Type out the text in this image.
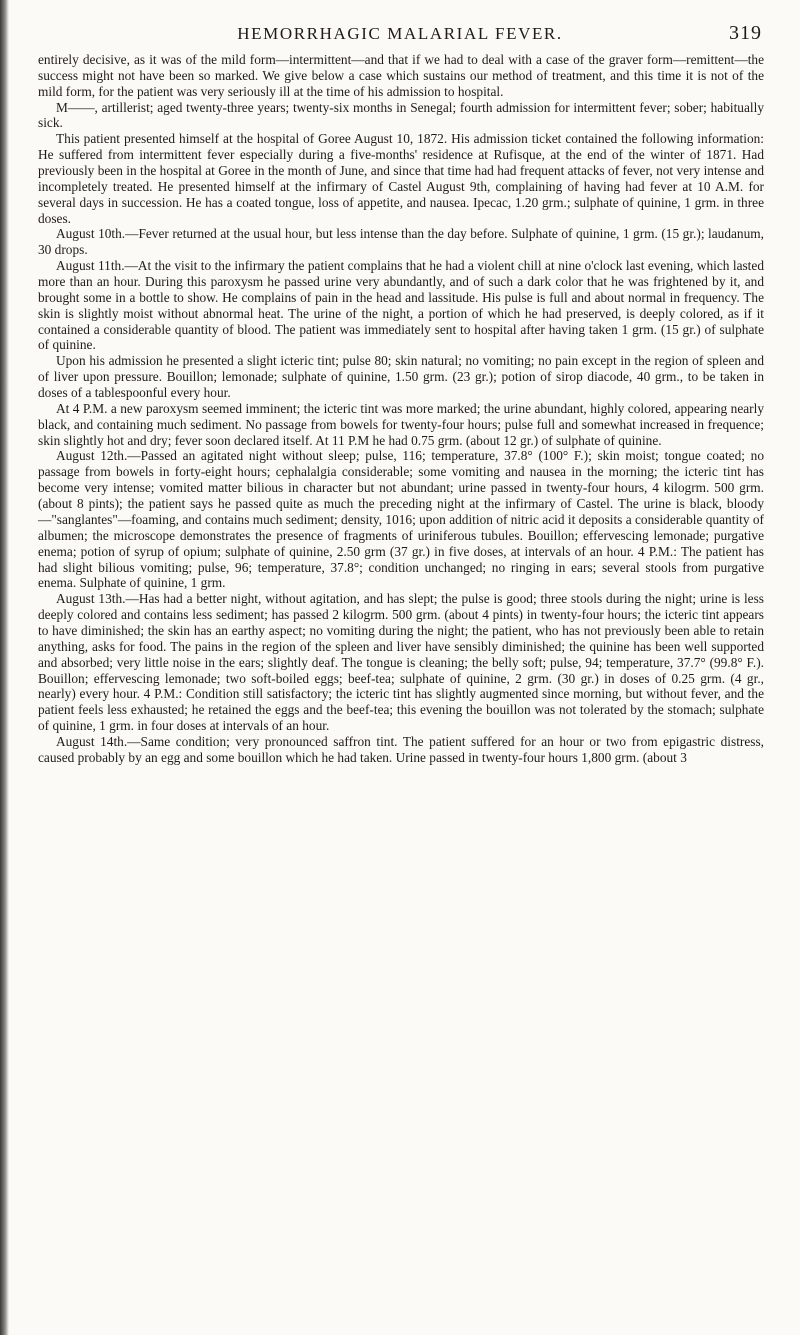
HEMORRHAGIC MALARIAL FEVER.	319

entirely decisive, as it was of the mild form—intermittent—and that if we had to deal with a case of the graver form—remittent—the success might not have been so marked. We give below a case which sustains our method of treatment, and this time it is not of the mild form, for the patient was very seriously ill at the time of his admission to hospital.

M——, artillerist; aged twenty-three years; twenty-six months in Senegal; fourth admission for intermittent fever; sober; habitually sick.

This patient presented himself at the hospital of Goree August 10, 1872. His admission ticket contained the following information: He suffered from intermittent fever especially during a five-months' residence at Rufisque, at the end of the winter of 1871. Had previously been in the hospital at Goree in the month of June, and since that time had had frequent attacks of fever, not very intense and incompletely treated. He presented himself at the infirmary of Castel August 9th, complaining of having had fever at 10 A.M. for several days in succession. He has a coated tongue, loss of appetite, and nausea. Ipecac, 1.20 grm.; sulphate of quinine, 1 grm. in three doses.

August 10th.—Fever returned at the usual hour, but less intense than the day before. Sulphate of quinine, 1 grm. (15 gr.); laudanum, 30 drops.

August 11th.—At the visit to the infirmary the patient complains that he had a violent chill at nine o'clock last evening, which lasted more than an hour. During this paroxysm he passed urine very abundantly, and of such a dark color that he was frightened by it, and brought some in a bottle to show. He complains of pain in the head and lassitude. His pulse is full and about normal in frequency. The skin is slightly moist without abnormal heat. The urine of the night, a portion of which he had preserved, is deeply colored, as if it contained a considerable quantity of blood. The patient was immediately sent to hospital after having taken 1 grm. (15 gr.) of sulphate of quinine.

Upon his admission he presented a slight icteric tint; pulse 80; skin natural; no vomiting; no pain except in the region of spleen and of liver upon pressure. Bouillon; lemonade; sulphate of quinine, 1.50 grm. (23 gr.); potion of sirop diacode, 40 grm., to be taken in doses of a tablespoonful every hour.

At 4 P.M. a new paroxysm seemed imminent; the icteric tint was more marked; the urine abundant, highly colored, appearing nearly black, and containing much sediment. No passage from bowels for twenty-four hours; pulse full and somewhat increased in frequence; skin slightly hot and dry; fever soon declared itself. At 11 P.M he had 0.75 grm. (about 12 gr.) of sulphate of quinine.

August 12th.—Passed an agitated night without sleep; pulse, 116; temperature, 37.8° (100° F.); skin moist; tongue coated; no passage from bowels in forty-eight hours; cephalalgia considerable; some vomiting and nausea in the morning; the icteric tint has become very intense; vomited matter bilious in character but not abundant; urine passed in twenty-four hours, 4 kilogrm. 500 grm. (about 8 pints); the patient says he passed quite as much the preceding night at the infirmary of Castel. The urine is black, bloody—"sanglantes"—foaming, and contains much sediment; density, 1016; upon addition of nitric acid it deposits a considerable quantity of albumen; the microscope demonstrates the presence of fragments of uriniferous tubules. Bouillon; effervescing lemonade; purgative enema; potion of syrup of opium; sulphate of quinine, 2.50 grm (37 gr.) in five doses, at intervals of an hour. 4 P.M.: The patient has had slight bilious vomiting; pulse, 96; temperature, 37.8°; condition unchanged; no ringing in ears; several stools from purgative enema. Sulphate of quinine, 1 grm.

August 13th.—Has had a better night, without agitation, and has slept; the pulse is good; three stools during the night; urine is less deeply colored and contains less sediment; has passed 2 kilogrm. 500 grm. (about 4 pints) in twenty-four hours; the icteric tint appears to have diminished; the skin has an earthy aspect; no vomiting during the night; the patient, who has not previously been able to retain anything, asks for food. The pains in the region of the spleen and liver have sensibly diminished; the quinine has been well supported and absorbed; very little noise in the ears; slightly deaf. The tongue is cleaning; the belly soft; pulse, 94; temperature, 37.7° (99.8° F.). Bouillon; effervescing lemonade; two soft-boiled eggs; beef-tea; sulphate of quinine, 2 grm. (30 gr.) in doses of 0.25 grm. (4 gr., nearly) every hour. 4 P.M.: Condition still satisfactory; the icteric tint has slightly augmented since morning, but without fever, and the patient feels less exhausted; he retained the eggs and the beef-tea; this evening the bouillon was not tolerated by the stomach; sulphate of quinine, 1 grm. in four doses at intervals of an hour.

August 14th.—Same condition; very pronounced saffron tint. The patient suffered for an hour or two from epigastric distress, caused probably by an egg and some bouillon which he had taken. Urine passed in twenty-four hours 1,800 grm. (about 3
